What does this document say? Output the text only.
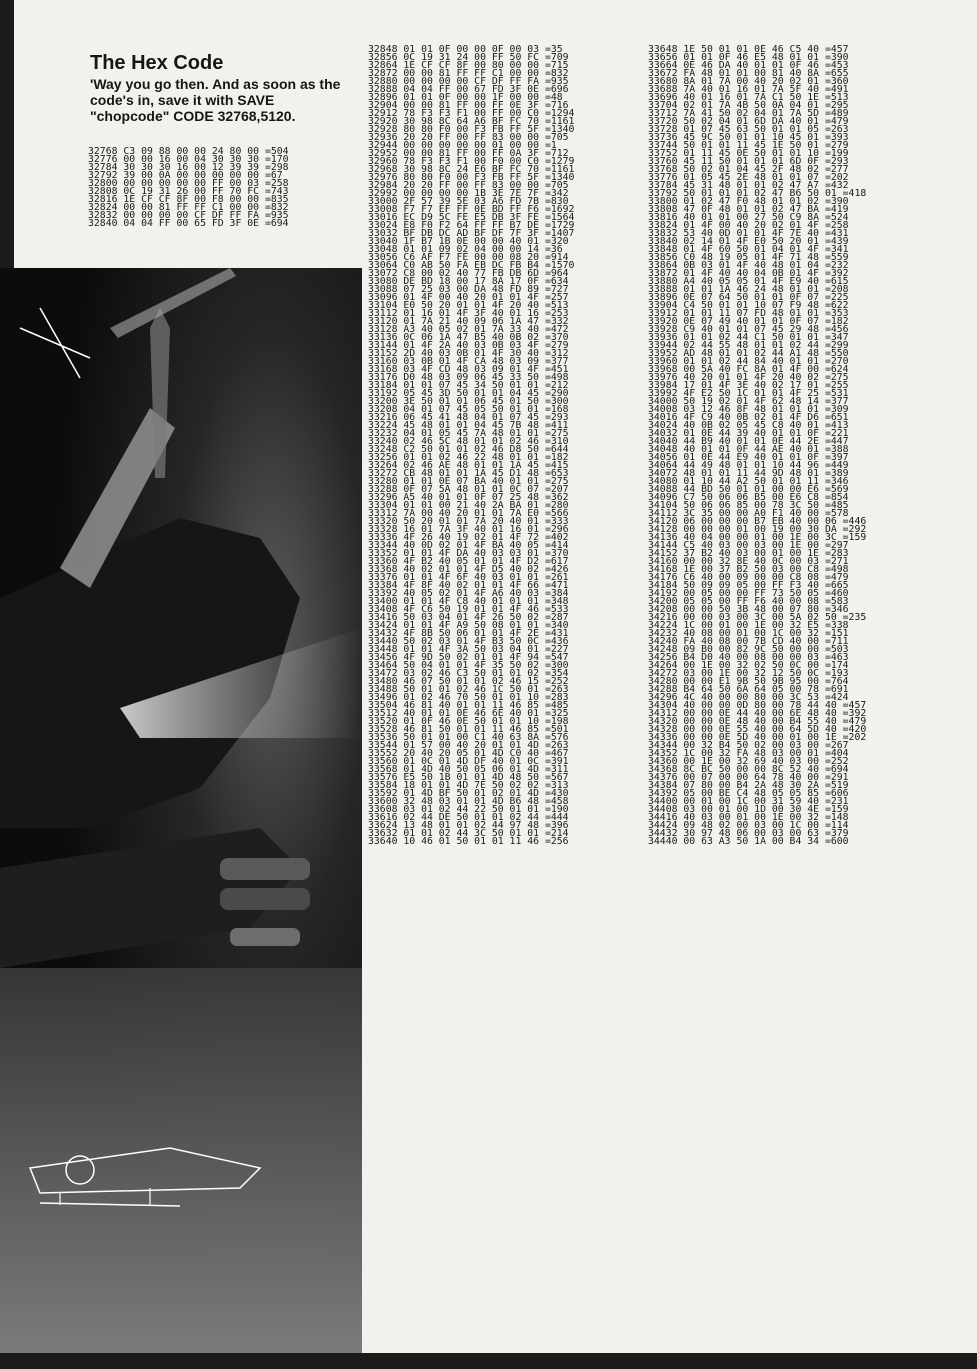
The Hex Code

'Way you go then. And as soon as the code's in, save it with SAVE "chopcode" CODE 32768,5120.

32768 C3 09 88 00 00 24 80 00 =504
32776 00 00 16 00 04 30 30 30 =170
32784 30 30 30 16 00 12 39 39 =298
32792 39 00 0A 00 00 00 00 00 =67
32800 00 00 00 00 00 FF 00 03 =258
32808 0C 19 31 26 00 FF 70 FC =743
32816 1E CF CF 8F 00 F8 00 00 =835
32824 00 00 81 FF FF C1 00 00 =832
32832 00 00 00 00 CF DF FF FA =935
32840 04 04 FF 00 65 FD 3F 0E =694
32848 01 01 0F 00 00 0F 00 03 =35
32856 0C 19 31 24 00 FF 50 FC =709
32864 1E CF CF 8F 00 80 00 00 =715
32872 00 00 81 FF FF C1 00 00 =832
32880 00 00 00 00 CF DF FF FA =935
32888 04 04 FF 00 67 FD 3F 0E =696
32896 01 01 0F 00 00 1F 00 00 =48
32904 00 00 81 FF 00 FF 0E 3F =716
32912 78 F3 F3 F1 00 FF 00 C0 =1294
32920 30 98 8C 64 A6 BF FC 70 =1161
32928 80 80 F0 00 F3 FB FF 5F =1340
32936 20 20 FF 00 FF 83 00 00 =705
32944 00 00 00 00 00 01 00 00 =1
32952 00 00 81 FF 00 FF 0A 3F =712
32960 78 F3 F3 F1 00 F0 00 C0 =1279
32968 30 98 8C 24 E6 BF FC 70 =1161
32976 80 80 F0 00 F3 FB FF 5F =1340
32984 20 20 FF 00 FF 83 00 00 =705
32992 00 00 00 00 1B 3E 7E 7F =342
33000 2F 57 39 5E 03 A6 FD 7B =830
33008 F7 F7 EF FF 0E BD FF F6 =1692
33016 EC D9 5C FE E5 DB 3F FE =1564
33024 E8 F0 F2 64 FF FF B7 DE =1729
33032 BF DB DC AD BF DF 7F 3F =1407
33040 1F B7 1B 0E 00 00 40 01 =320
33048 01 01 09 02 04 00 00 14 =36
33056 C6 AF F7 FE 00 00 08 20 =914
33064 C0 AB 50 FA EB DC FB B4 =1570
33072 C8 00 02 40 77 FB DB 6D =964
33080 DE BD 18 00 17 8A 17 0F =634
33088 07 25 03 00 DA 48 FD 89 =727
33096 01 4F 00 40 20 01 01 4F =257
33104 E0 50 20 01 01 4F 20 40 =513
33112 01 16 01 4F 3F 40 01 16 =253
33120 01 7A 21 40 09 06 1A 47 =332
33128 A3 40 05 02 01 7A 33 40 =472
33136 0C 06 1A 47 B5 40 0B 02 =370
33144 01 4F 2A 40 03 0B 03 4F =279
33152 2D 40 03 0B 01 4F 30 40 =312
33160 03 0B 01 4F CA 48 03 09 =377
33168 03 4F CD 48 03 09 01 4F =451
33176 D0 48 03 09 06 45 33 50 =498
33184 01 01 07 45 34 50 01 01 =212
33192 05 45 3D 50 01 01 04 45 =290
33200 3E 50 01 01 06 45 01 50 =300
33208 04 01 07 45 05 50 01 01 =168
33216 06 45 41 48 04 01 07 45 =293
33224 45 48 01 01 04 45 7B 48 =411
33232 04 01 05 45 7A 48 01 01 =275
33240 02 46 5C 48 01 01 02 46 =310
33248 C2 50 01 01 02 46 D8 50 =644
33256 01 01 02 46 22 48 01 01 =182
33264 02 46 AE 48 01 01 1A 45 =415
33272 CB 48 01 01 1A 45 D1 48 =653
33280 01 01 0E 07 BA 40 01 01 =275
33288 0F 07 5A 48 01 01 0C 07 =207
33296 A5 40 01 01 0F 07 25 48 =362
33304 01 01 00 21 40 2A BA 01 =280
33312 7A 00 40 20 01 01 7A E0 =566
33320 50 20 01 01 7A 20 40 01 =333
33328 16 01 7A 3F 40 01 16 01 =296
33336 4F 26 40 19 02 01 4F 72 =402
33344 40 0D 02 01 4F BA 40 05 =414
33352 01 01 4F DA 40 03 03 01 =370
33360 4F B2 40 05 01 01 4F D2 =617
33368 40 02 01 01 4F D5 40 02 =426
33376 01 01 4F 6F 40 03 01 01 =261
33384 4F 8F 40 02 01 01 4F 66 =471
33392 40 05 02 01 4F A6 40 03 =384
33400 01 01 4F C8 40 01 01 01 =348
33408 4F C6 50 19 01 01 4F 46 =533
33416 50 03 04 01 4F 26 50 02 =287
33424 01 01 4F A9 50 08 01 01 =340
33432 4F 8B 50 06 01 01 4F 2E =431
33440 50 02 03 01 4F B3 50 0C =436
33448 01 01 4F 3A 50 03 04 01 =227
33456 4F 9D 50 02 01 01 4F 94 =547
33464 50 04 01 01 4F 35 50 02 =300
33472 03 02 46 C3 50 01 01 02 =354
33480 46 07 50 01 01 02 46 15 =252
33488 50 01 01 02 46 1C 50 01 =263
33496 01 02 46 70 50 01 01 10 =283
33504 46 81 40 01 01 11 46 85 =485
33512 40 01 01 0E 46 6E 40 01 =325
33520 01 0F 46 0E 50 01 01 10 =198
33528 46 81 50 01 01 11 46 85 =501
33536 50 01 01 00 C1 40 63 8A =576
33544 01 57 00 40 20 01 01 4D =263
33552 20 40 20 05 01 4D C0 40 =467
33560 01 0C 01 4D DF 40 01 0C =391
33568 01 4D 40 50 05 06 01 4D =311
33576 E5 50 1B 01 01 4D 48 50 =567
33584 18 01 01 4D 7E 50 02 02 =313
33592 01 4D BF 50 01 02 01 4D =430
33600 32 48 03 01 01 4D B6 48 =458
33608 03 01 02 44 22 50 01 01 =190
33616 02 44 DE 50 01 01 02 44 =444
33624 13 48 01 01 02 44 97 48 =396
33632 01 01 02 44 3C 50 01 01 =214
33640 10 46 01 50 01 01 11 46 =256
33648 1E 50 01 01 0E 46 C5 40 =457
33656 01 01 0F 46 E5 48 01 01 =390
33664 0E 46 DA 40 01 01 0F 46 =453
33672 FA 48 01 01 00 81 40 8A =655
33680 8A 01 7A 00 40 20 02 01 =360
33688 7A 40 01 16 01 7A 5F 40 =491
33696 40 01 16 01 7A C1 50 1E =513
33704 02 01 7A 4B 50 0A 04 01 =295
33712 7A 41 50 02 04 01 7A 5D =489
33720 50 02 04 01 6D DA 40 01 =479
33728 01 07 45 63 50 01 01 05 =263
33736 45 9C 50 01 01 10 45 01 =393
33744 50 01 01 11 45 1E 50 01 =279
33752 01 11 45 0E 50 01 01 10 =199
33760 45 11 50 01 01 01 6D 0F =293
33768 50 02 01 04 45 2F 48 02 =277
33776 01 05 45 2E 48 01 01 07 =202
33784 45 31 48 01 01 02 47 A7 =432
33792 50 01 01 01 02 47 B6 50 01 =418
33800 01 02 47 F0 48 01 01 02 =390
33808 47 0F 48 01 01 02 47 BA =419
33816 40 01 01 00 27 50 C9 8A =524
33824 01 4F 00 40 20 02 01 4F =258
33832 53 40 0D 01 01 4F 7E 40 =431
33840 02 14 01 4F E0 50 20 01 =439
33848 01 4F 60 50 01 04 01 4F =341
33856 C0 48 19 05 01 4F 71 48 =559
33864 0B 03 01 4F 40 48 01 04 =232
33872 01 4F 40 40 04 0B 01 4F =392
33880 A4 40 05 05 01 4F E9 40 =615
33888 01 01 1A 46 24 48 01 01 =208
33896 0E 07 64 50 01 01 0F 07 =225
33904 C4 50 01 01 10 07 F9 48 =622
33912 01 01 11 07 FD 48 01 01 =353
33920 0E 07 49 40 01 01 0F 07 =182
33928 C9 40 01 01 07 45 29 48 =456
33936 01 01 02 44 C1 50 01 01 =347
33944 02 44 55 48 01 01 02 44 =299
33952 AD 48 01 01 02 44 A1 48 =550
33960 01 01 02 44 84 40 01 01 =270
33968 00 5A 40 FC 8A 01 4F 00 =624
33976 40 20 01 01 4F 20 40 02 =275
33984 17 01 4F 3E 40 02 17 01 =255
33992 4F E2 50 1C 01 01 4F 25 =531
34000 50 19 02 01 4F 62 48 14 =377
34008 03 12 46 8F 48 01 01 01 =309
34016 4F C9 40 0B 02 01 4F D6 =651
34024 40 0B 02 05 45 C8 40 01 =413
34032 01 0E 44 39 40 01 01 0F =221
34040 44 B9 40 01 01 0E 44 2E =447
34048 40 01 01 0F 44 AE 40 01 =388
34056 01 0E 44 E9 40 01 01 0F =397
34064 44 49 48 01 01 10 44 96 =449
34072 48 01 01 11 44 9D 48 01 =389
34080 01 10 44 A2 50 01 01 11 =346
34088 44 BD 50 01 01 00 00 E6 =569
34096 C7 50 06 06 B5 00 E6 C8 =854
34104 50 06 06 85 00 78 3C 50 =485
34112 3C 35 00 00 A0 F1 40 00 =578
34120 06 00 00 00 B7 EB 40 00 06 =446
34128 00 00 00 01 00 19 00 30 DA =292
34136 40 04 00 00 01 00 1E 00 3C =159
34144 C5 40 03 00 03 00 1E 00 =297
34152 37 B2 40 03 00 01 00 1E =283
34160 00 00 32 8E 40 0C 00 03 =271
34168 1E 00 37 B2 50 03 00 C8 =498
34176 C6 40 00 09 00 00 C8 08 =479
34184 50 09 09 05 00 FF F3 40 =665
34192 00 05 00 00 FF 73 50 05 =460
34200 05 05 00 FF F6 40 00 08 =583
34208 00 00 50 3B 48 00 07 80 =346
34216 00 00 03 00 3C 00 5A 02 50 =235
34224 1C 00 01 00 1E 00 32 E5 =338
34232 40 08 00 01 00 1C 00 32 =151
34240 FA 40 08 00 7B CD 40 00 =711
34248 09 B0 00 82 9C 50 00 00 =503
34256 B4 D0 40 00 08 00 00 03 =463
34264 00 1E 00 32 02 50 0C 00 =174
34272 03 00 1E 00 32 12 50 0C =193
34280 00 00 E1 9B 50 9B 95 00 =764
34288 B4 64 50 6A 64 05 00 78 =691
34296 4C 40 00 00 80 00 3C 53 =424
34304 40 00 00 0D 80 00 78 44 40 =457
34312 00 00 0E 44 40 00 6E 48 40 =392
34320 00 00 0E 48 40 00 B4 55 40 =479
34328 00 00 0E 55 40 00 64 5D 40 =420
34336 00 00 0E 5D 40 00 01 00 1E =202
34344 00 32 B4 50 02 00 03 00 =267
34352 1C 00 32 FA 48 03 00 01 =404
34360 00 1E 00 32 69 40 03 00 =252
34368 8C BC 50 00 00 8C 52 40 =694
34376 00 07 00 00 64 78 40 00 =291
34384 07 80 00 B4 2A 48 30 2A =519
34392 05 00 BE C4 48 05 05 85 =606
34400 00 01 00 1C 00 31 59 40 =231
34408 03 00 01 00 1D 00 30 4E =159
34416 40 03 00 01 00 1E 00 32 =148
34424 09 48 02 00 03 00 1C 00 =114
34432 30 97 48 06 00 03 00 63 =379
34440 00 63 A3 50 1A 00 B4 34 =600
